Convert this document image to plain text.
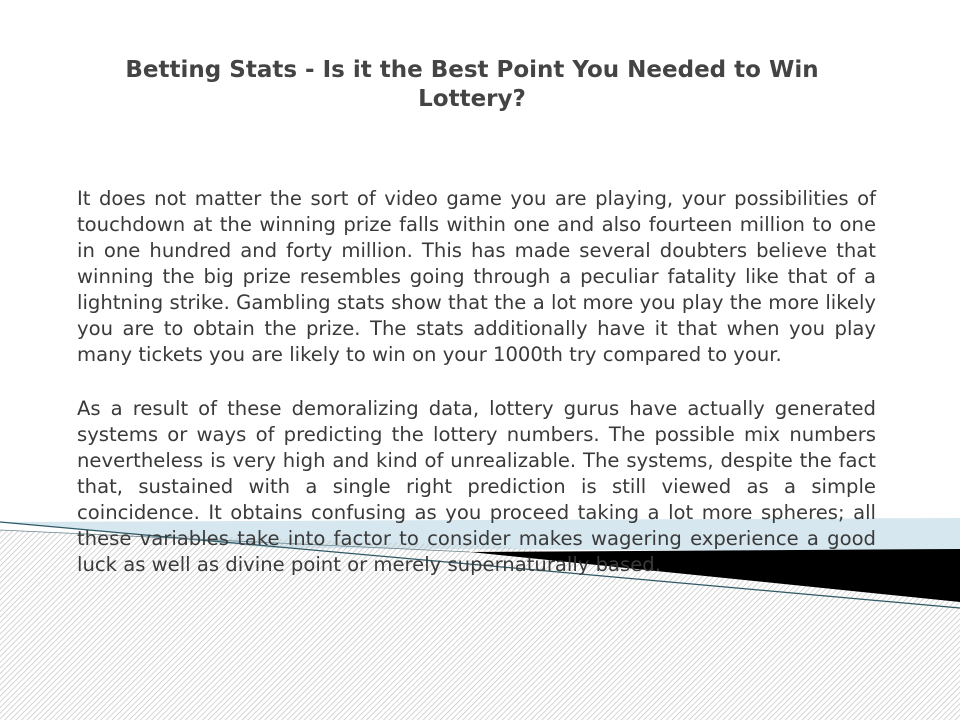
Betting Stats - Is it the Best Point You Needed to Win Lottery?

It does not matter the sort of video game you are playing, your possibilities of touchdown at the winning prize falls within one and also fourteen million to one in one hundred and forty million. This has made several doubters believe that winning the big prize resembles going through a peculiar fatality like that of a lightning strike. Gambling stats show that the a lot more you play the more likely you are to obtain the prize. The stats additionally have it that when you play many tickets you are likely to win on your 1000th try compared to your.

As a result of these demoralizing data, lottery gurus have actually generated systems or ways of predicting the lottery numbers. The possible mix numbers nevertheless is very high and kind of unrealizable. The systems, despite the fact that, sustained with a single right prediction is still viewed as a simple coincidence. It obtains confusing as you proceed taking a lot more spheres; all these variables take into factor to consider makes wagering experience a good luck as well as divine point or merely supernaturally based.
